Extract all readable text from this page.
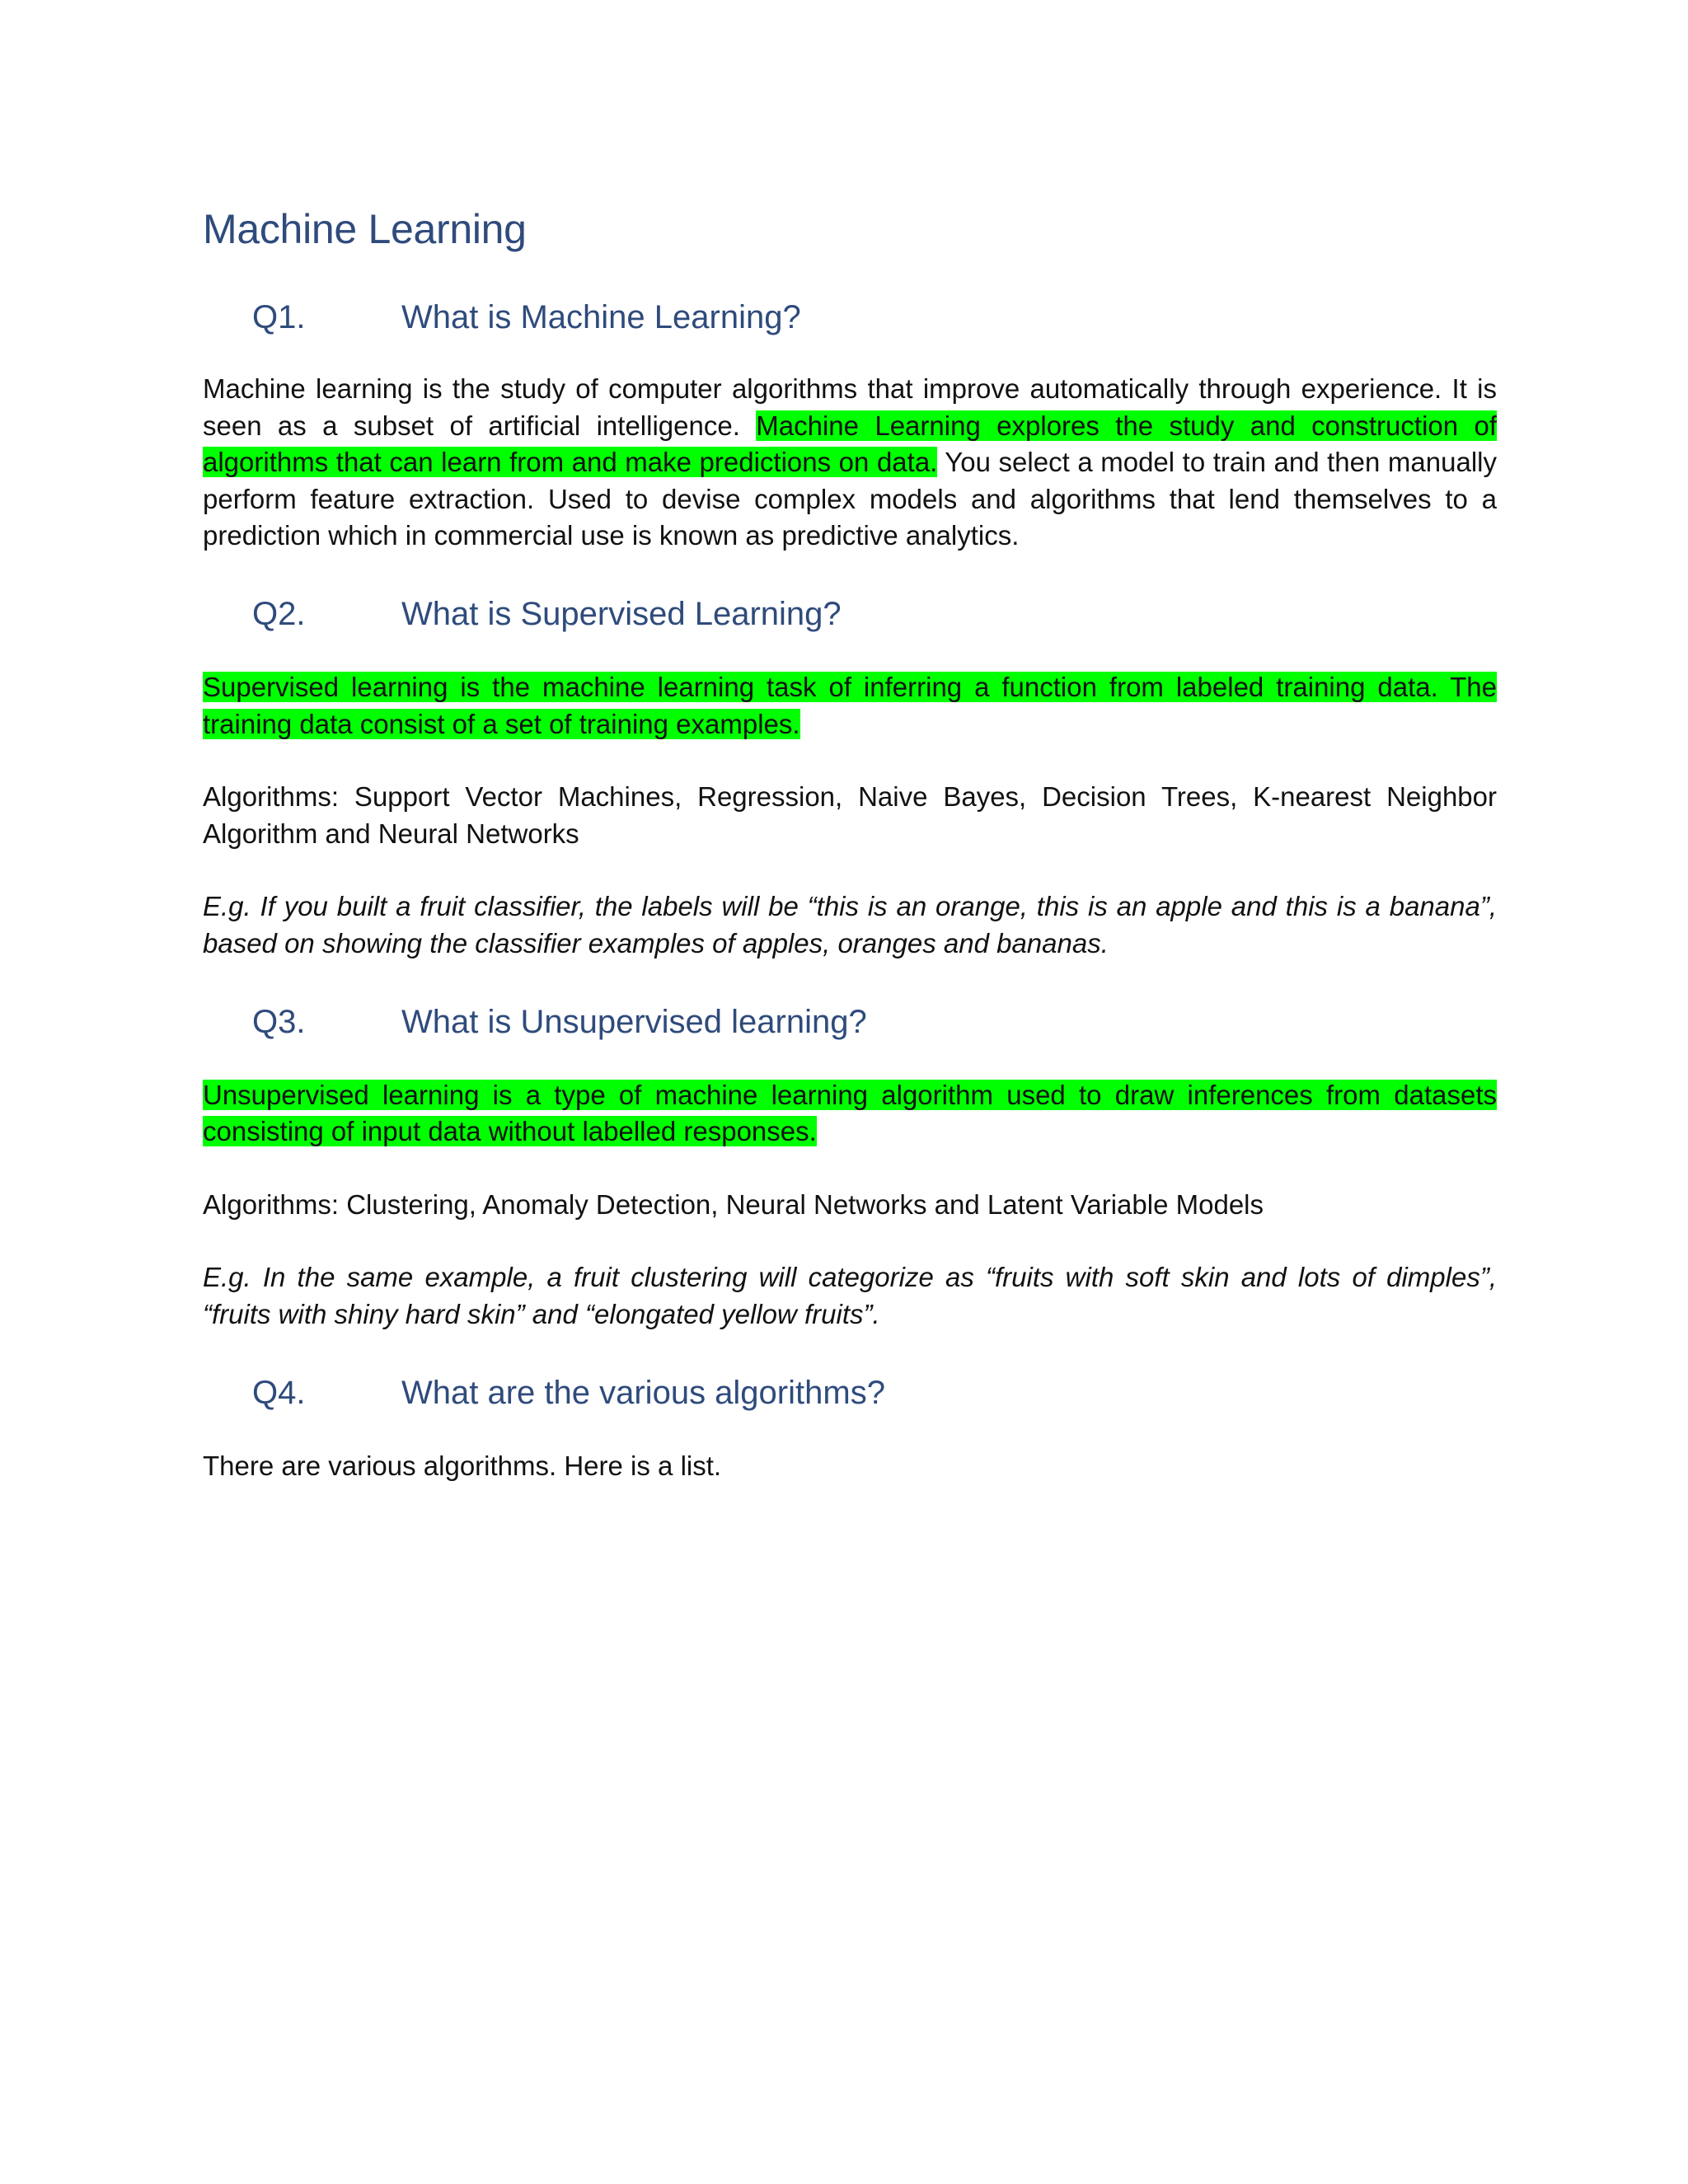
Machine Learning
Q1.	What is Machine Learning?

Machine learning is the study of computer algorithms that improve automatically through experience. It is seen as a subset of artificial intelligence. Machine Learning explores the study and construction of algorithms that can learn from and make predictions on data. You select a model to train and then manually perform feature extraction. Used to devise complex models and algorithms that lend themselves to a prediction which in commercial use is known as predictive analytics.

Q2.	What is Supervised Learning?

Supervised learning is the machine learning task of inferring a function from labeled training data. The training data consist of a set of training examples.

Algorithms: Support Vector Machines, Regression, Naive Bayes, Decision Trees, K-nearest Neighbor Algorithm and Neural Networks

E.g. If you built a fruit classifier, the labels will be “this is an orange, this is an apple and this is a banana”, based on showing the classifier examples of apples, oranges and bananas.

Q3.	What is Unsupervised learning?

Unsupervised learning is a type of machine learning algorithm used to draw inferences from datasets consisting of input data without labelled responses.

Algorithms: Clustering, Anomaly Detection, Neural Networks and Latent Variable Models

E.g. In the same example, a fruit clustering will categorize as “fruits with soft skin and lots of dimples”, “fruits with shiny hard skin” and “elongated yellow fruits”.

Q4.	What are the various algorithms?

There are various algorithms. Here is a list.
